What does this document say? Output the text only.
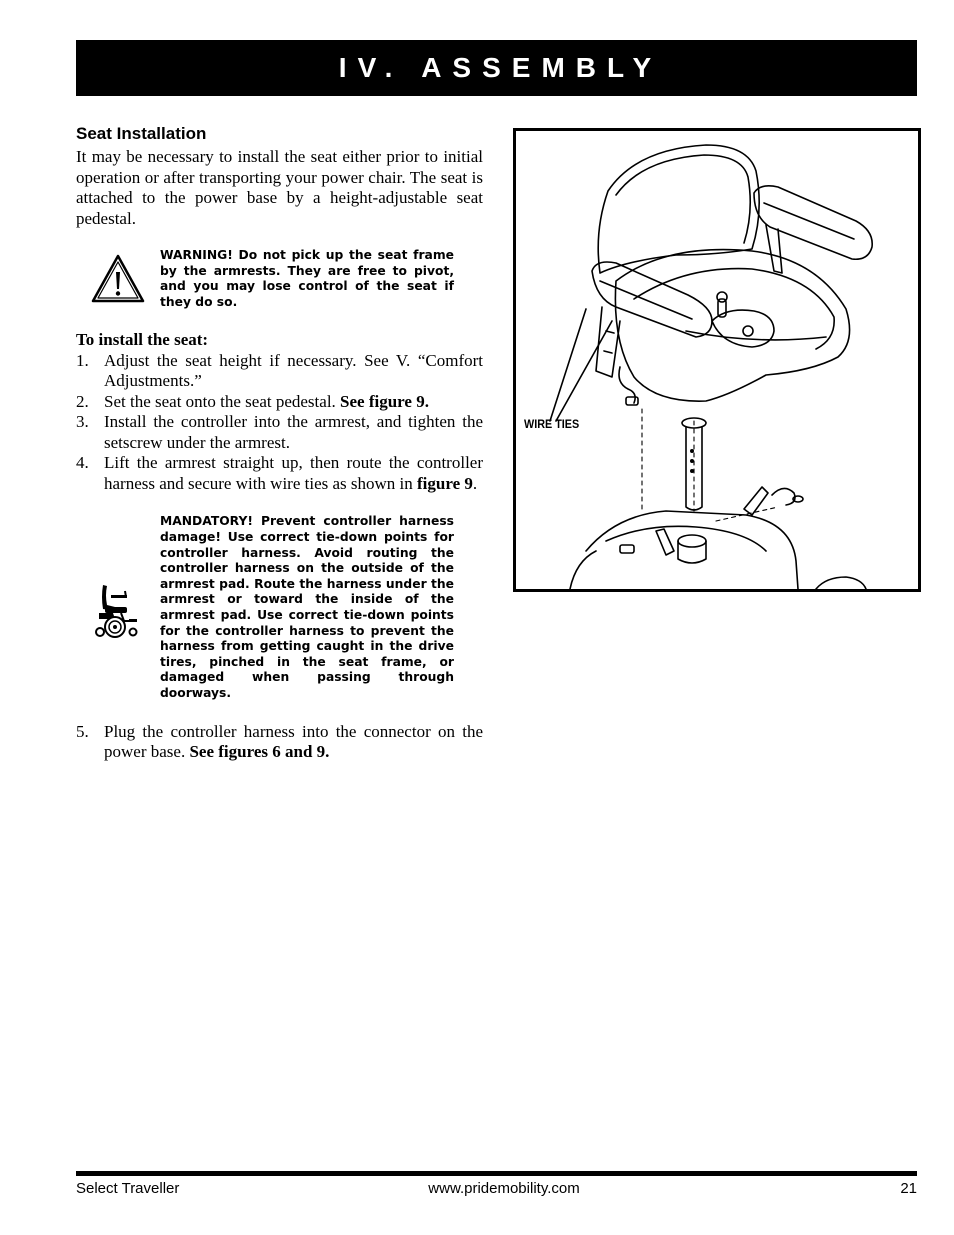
IV. ASSEMBLY
Seat Installation

It may be necessary to install the seat either prior to initial operation or after transporting your power chair. The seat is attached to the power base by a height-adjustable seat pedestal.

WARNING! Do not pick up the seat frame by the armrests. They are free to pivot, and you may lose control of the seat if they do so.
To install the seat:
1. Adjust the seat height if necessary. See V. “Comfort Adjustments.”
2. Set the seat onto the seat pedestal. See figure 9.
3. Install the controller into the armrest, and tighten the setscrew under the armrest.
4. Lift the armrest straight up, then route the controller harness and secure with wire ties as shown in figure 9.
MANDATORY! Prevent controller harness damage! Use correct tie-down points for controller harness. Avoid routing the controller harness on the outside of the armrest pad. Route the harness under the armrest or toward the inside of the armrest pad. Use correct tie-down points for the controller harness to prevent the harness from getting caught in the drive tires, pinched in the seat frame, or damaged when passing through doorways.
5. Plug the controller harness into the connector on the power base. See figures 6 and 9.
WIRE TIES
Select Traveller	www.pridemobility.com	21
